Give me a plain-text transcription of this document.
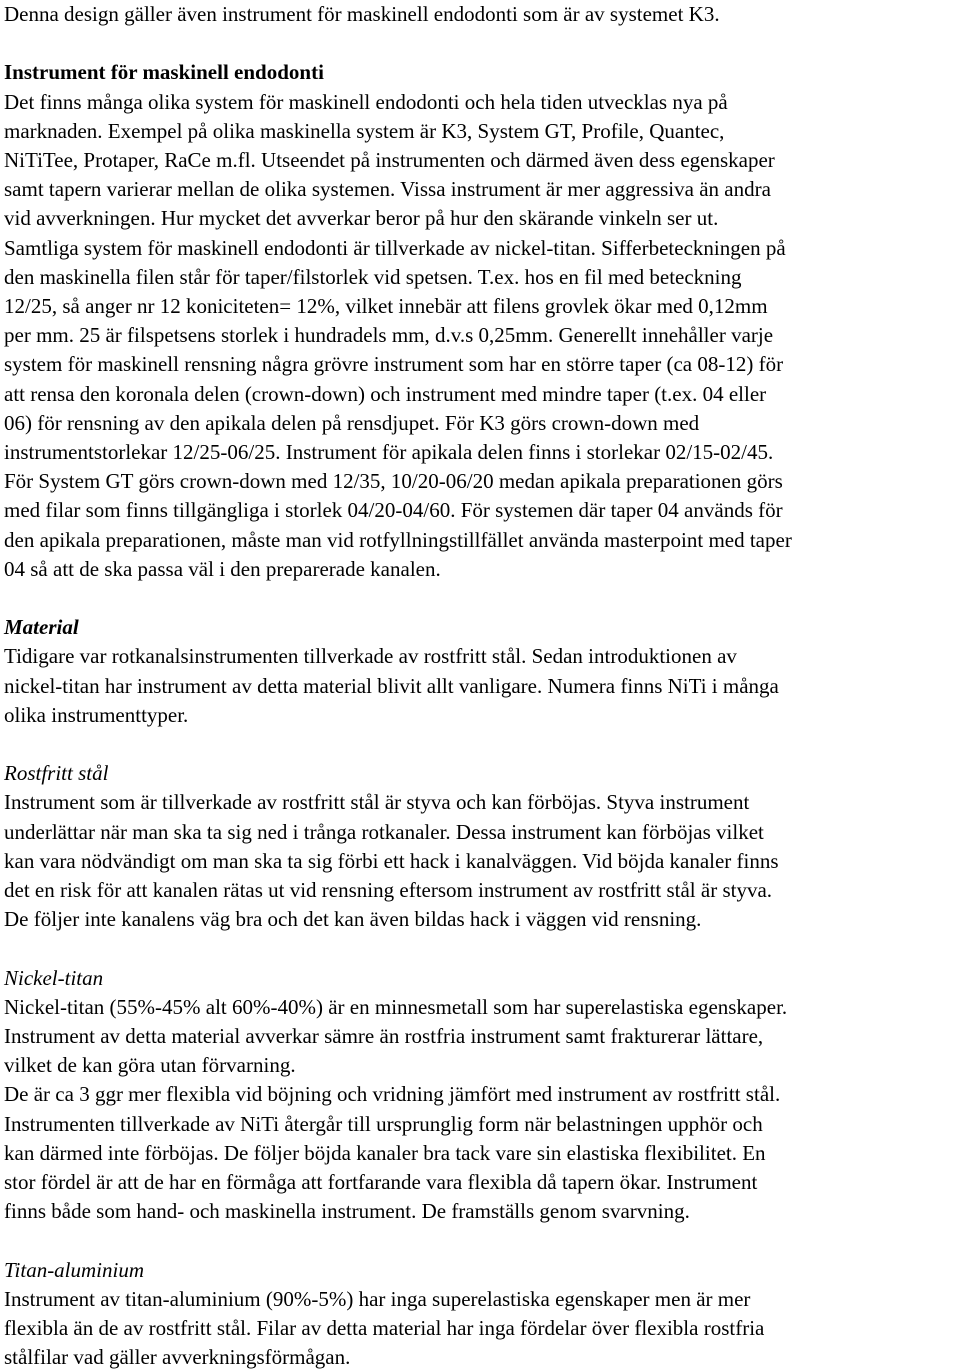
Denna design gäller även instrument för maskinell endodonti som är av systemet K3.

Instrument för maskinell endodonti

Det finns många olika system för maskinell endodonti och hela tiden utvecklas nya på
marknaden. Exempel på olika maskinella system är K3, System GT, Profile, Quantec,
NiTiTee, Protaper, RaCe m.fl. Utseendet på instrumenten och därmed även dess egenskaper
samt tapern varierar mellan de olika systemen. Vissa instrument är mer aggressiva än andra
vid avverkningen. Hur mycket det avverkar beror på hur den skärande vinkeln ser ut.
Samtliga system för maskinell endodonti är tillverkade av nickel-titan. Sifferbeteckningen på
den maskinella filen står för taper/filstorlek vid spetsen. T.ex. hos en fil med beteckning
12/25, så anger nr 12 koniciteten= 12%, vilket innebär att filens grovlek ökar med 0,12mm
per mm. 25 är filspetsens storlek i hundradels mm, d.v.s 0,25mm. Generellt innehåller varje
system för maskinell rensning några grövre instrument som har en större taper (ca 08-12) för
att rensa den koronala delen (crown-down) och instrument med mindre taper (t.ex. 04 eller
06) för rensning av den apikala delen på rensdjupet. För K3 görs crown-down med
instrumentstorlekar 12/25-06/25. Instrument för apikala delen finns i storlekar 02/15-02/45.
För System GT görs crown-down med 12/35, 10/20-06/20 medan apikala preparationen görs
med filar som finns tillgängliga i storlek 04/20-04/60. För systemen där taper 04 används för
den apikala preparationen, måste man vid rotfyllningstillfället använda masterpoint med taper
04 så att de ska passa väl i den preparerade kanalen.

Material

Tidigare var rotkanalsinstrumenten tillverkade av rostfritt stål. Sedan introduktionen av
nickel-titan har instrument av detta material blivit allt vanligare. Numera finns NiTi i många
olika instrumenttyper.

Rostfritt stål

Instrument som är tillverkade av rostfritt stål är styva och kan förböjas. Styva instrument
underlättar när man ska ta sig ned i trånga rotkanaler. Dessa instrument kan förböjas vilket
kan vara nödvändigt om man ska ta sig förbi ett hack i kanalväggen. Vid böjda kanaler finns
det en risk för att kanalen rätas ut vid rensning eftersom instrument av rostfritt stål är styva.
De följer inte kanalens väg bra och det kan även bildas hack i väggen vid rensning.

Nickel-titan

Nickel-titan (55%-45% alt 60%-40%) är en minnesmetall som har superelastiska egenskaper.
Instrument av detta material avverkar sämre än rostfria instrument samt frakturerar lättare,
vilket de kan göra utan förvarning.
De är ca 3 ggr mer flexibla vid böjning och vridning jämfört med instrument av rostfritt stål.
Instrumenten tillverkade av NiTi återgår till ursprunglig form när belastningen upphör och
kan därmed inte förböjas. De följer böjda kanaler bra tack vare sin elastiska flexibilitet. En
stor fördel är att de har en förmåga att fortfarande vara flexibla då tapern ökar. Instrument
finns både som hand- och maskinella instrument. De framställs genom svarvning.

Titan-aluminium

Instrument av titan-aluminium (90%-5%) har inga superelastiska egenskaper men är mer
flexibla än de av rostfritt stål. Filar av detta material har inga fördelar över flexibla rostfria
stålfilar vad gäller avverkningsförmågan.
